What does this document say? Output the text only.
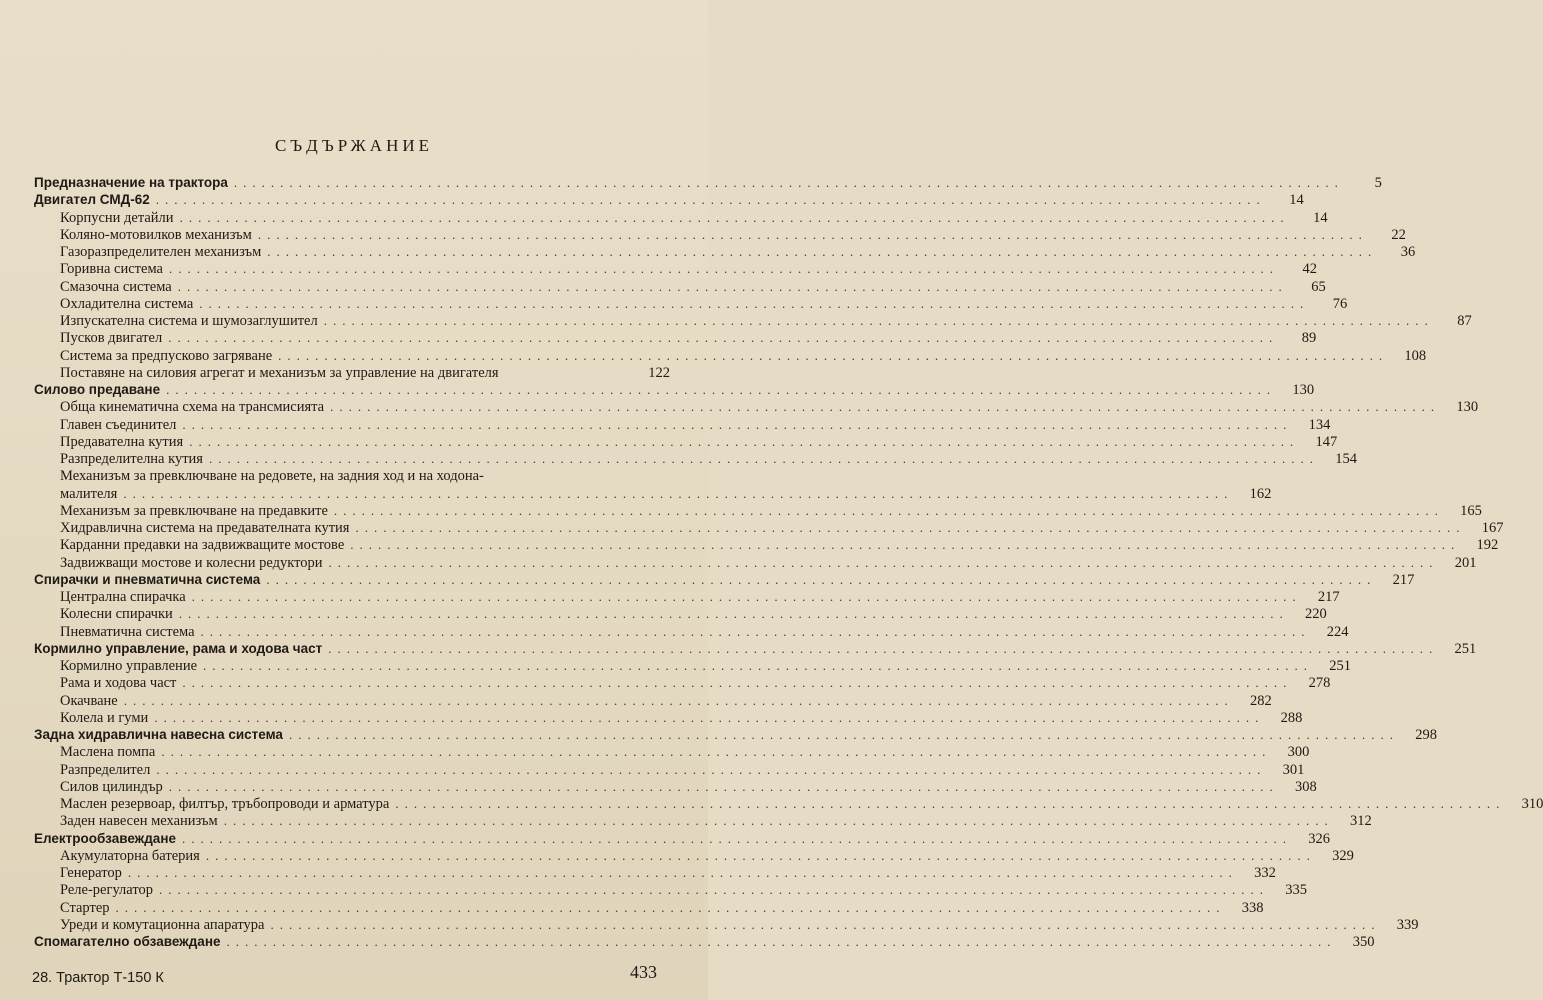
СЪДЪРЖАНИЕ
Предназначение на трактора ........................................................................................................................	5
Двигател СМД-62 ........................................................................................................................	14
Корпусни детайли ........................................................................................................................	14
Коляно-мотовилков механизъм ........................................................................................................................	22
Газоразпределителен механизъм ........................................................................................................................	36
Горивна система ........................................................................................................................	42
Смазочна система ........................................................................................................................	65
Охладителна система ........................................................................................................................	76
Изпускателна система и шумозаглушител ........................................................................................................................	87
Пусков двигател ........................................................................................................................	89
Система за предпусково загряване ........................................................................................................................	108
Поставяне на силовия агрегат и механизъм за управление на двигателя	122
Силово предаване ........................................................................................................................	130
Обща кинематична схема на трансмисията ........................................................................................................................	130
Главен съединител ........................................................................................................................	134
Предавателна кутия ........................................................................................................................	147
Разпределителна кутия ........................................................................................................................	154
Механизъм за превключване на редовете, на задния ход и на ходона-
малителя ........................................................................................................................	162
Механизъм за превключване на предавките ........................................................................................................................	165
Хидравлична система на предавателната кутия ........................................................................................................................	167
Карданни предавки на задвижващите мостове ........................................................................................................................	192
Задвижващи мостове и колесни редуктори ........................................................................................................................	201
Спирачки и пневматична система ........................................................................................................................	217
Централна спирачка ........................................................................................................................	217
Колесни спирачки ........................................................................................................................	220
Пневматична система ........................................................................................................................	224
Кормилно управление, рама и ходова част ........................................................................................................................	251
Кормилно управление ........................................................................................................................	251
Рама и ходова част ........................................................................................................................	278
Окачване ........................................................................................................................	282
Колела и гуми ........................................................................................................................	288
Задна хидравлична навесна система ........................................................................................................................	298
Маслена помпа ........................................................................................................................	300
Разпределител ........................................................................................................................	301
Силов цилиндър ........................................................................................................................	308
Маслен резервоар, филтър, тръбопроводи и арматура ........................................................................................................................	310
Заден навесен механизъм ........................................................................................................................	312
Електрообзавеждане ........................................................................................................................	326
Акумулаторна батерия ........................................................................................................................	329
Генератор ........................................................................................................................	332
Реле-регулатор ........................................................................................................................	335
Стартер ........................................................................................................................	338
Уреди и комутационна апаратура ........................................................................................................................	339
Спомагателно обзавеждане ........................................................................................................................	350
28. Трактор Т-150 К	433
